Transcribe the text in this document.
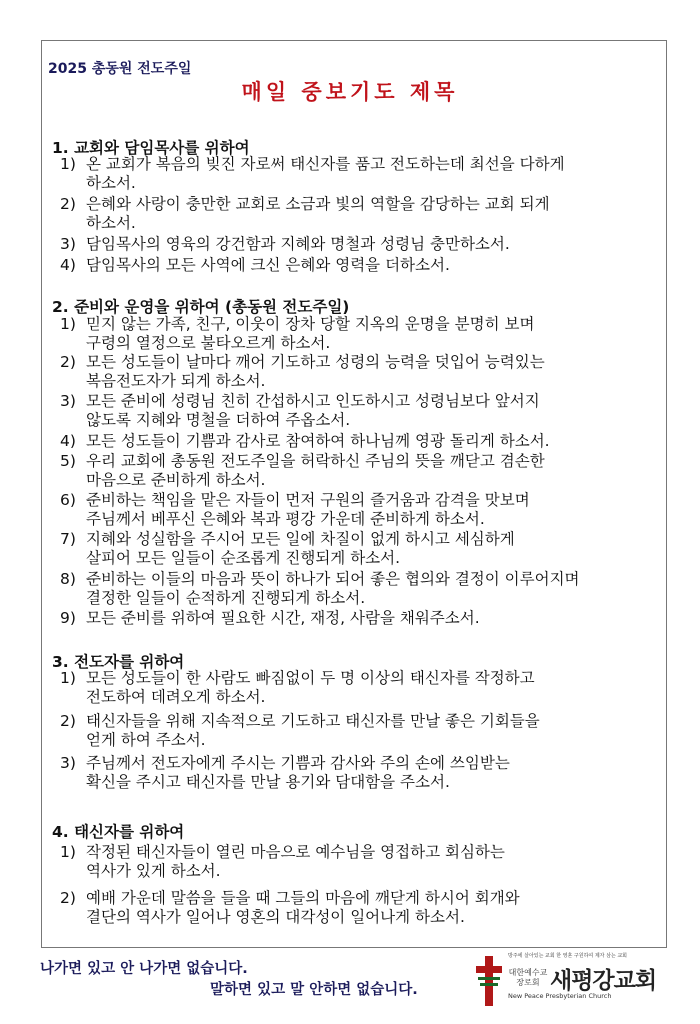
2025 총동원 전도주일
매일 중보기도 제목
1. 교회와 담임목사를 위하여
1) 온 교회가 복음의 빚진 자로써 태신자를 품고 전도하는데 최선을 다하게
하소서.
2) 은혜와 사랑이 충만한 교회로 소금과 빛의 역할을 감당하는 교회 되게
하소서.
3) 담임목사의 영육의 강건함과 지혜와 명철과 성령님 충만하소서.
4) 담임목사의 모든 사역에 크신 은혜와 영력을 더하소서.
2. 준비와 운영을 위하여 (총동원 전도주일)
1) 믿지 않는 가족, 친구, 이웃이 장차 당할 지옥의 운명을 분명히 보며
구령의 열정으로 불타오르게 하소서.
2) 모든 성도들이 날마다 깨어 기도하고 성령의 능력을 덧입어 능력있는
복음전도자가 되게 하소서.
3) 모든 준비에 성령님 친히 간섭하시고 인도하시고 성령님보다 앞서지
않도록 지혜와 명철을 더하여 주옵소서.
4) 모든 성도들이 기쁨과 감사로 참여하여 하나님께 영광 돌리게 하소서.
5) 우리 교회에 총동원 전도주일을 허락하신 주님의 뜻을 깨닫고 겸손한
마음으로 준비하게 하소서.
6) 준비하는 책임을 맡은 자들이 먼저 구원의 즐거움과 감격을 맛보며
주님께서 베푸신 은혜와 복과 평강 가운데 준비하게 하소서.
7) 지혜와 성실함을 주시어 모든 일에 차질이 없게 하시고 세심하게
살피어 모든 일들이 순조롭게 진행되게 하소서.
8) 준비하는 이들의 마음과 뜻이 하나가 되어 좋은 협의와 결정이 이루어지며
결정한 일들이 순적하게 진행되게 하소서.
9) 모든 준비를 위하여 필요한 시간, 재정, 사람을 채워주소서.
3. 전도자를 위하여
1) 모든 성도들이 한 사람도 빠짐없이 두 명 이상의 태신자를 작정하고
전도하여 데려오게 하소서.
2) 태신자들을 위해 지속적으로 기도하고 태신자를 만날 좋은 기회들을
얻게 하여 주소서.
3) 주님께서 전도자에게 주시는 기쁨과 감사와 주의 손에 쓰임받는
확신을 주시고 태신자를 만날 용기와 담대함을 주소서.
4. 태신자를 위하여
1) 작정된 태신자들이 열린 마음으로 예수님을 영접하고 회심하는
역사가 있게 하소서.
2) 예배 가운데 말씀을 들을 때 그들의 마음에 깨닫게 하시어 회개와
결단의 역사가 일어나 영혼의 대각성이 일어나게 하소서.
나가면 있고 안 나가면 없습니다.
말하면 있고 말 안하면 없습니다.
방주에 살아있는 교회 한 영혼 구원하여 제자 삼는 교회
대한예수교 장로회 새평강교회
New Peace Presbyterian Church
